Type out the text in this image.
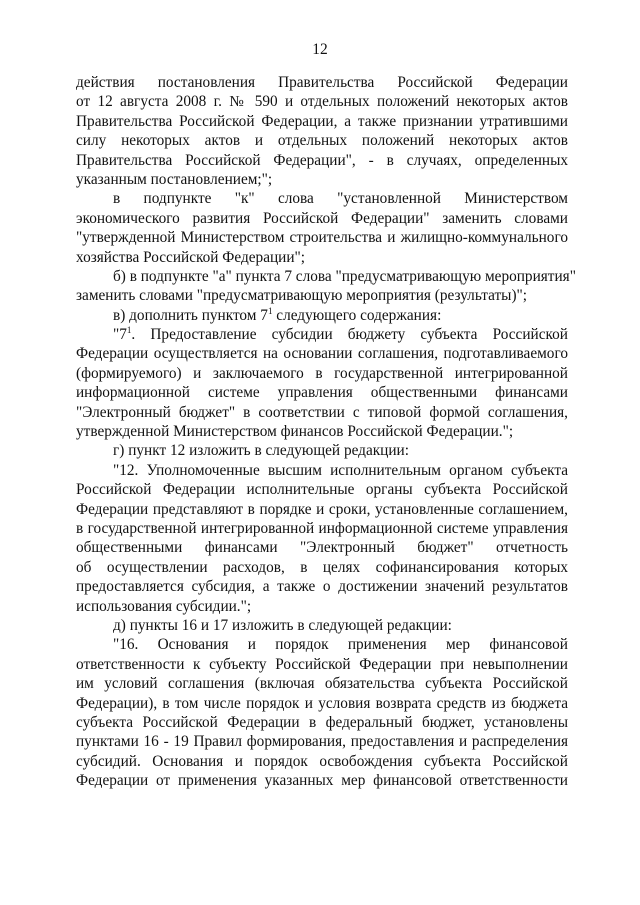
12
действия постановления Правительства Российской Федерации
от 12 августа 2008 г. № 590 и отдельных положений некоторых актов
Правительства Российской Федерации, а также признании утратившими
силу некоторых актов и отдельных положений некоторых актов
Правительства Российской Федерации", - в случаях, определенных
указанным постановлением;";
в подпункте "к" слова "установленной Министерством
экономического развития Российской Федерации" заменить словами
"утвержденной Министерством строительства и жилищно-коммунального
хозяйства Российской Федерации";
б) в подпункте "а" пункта 7 слова "предусматривающую мероприятия"
заменить словами "предусматривающую мероприятия (результаты)";
в) дополнить пунктом $7^1$ следующего содержания:
"$7^1$. Предоставление субсидии бюджету субъекта Российской
Федерации осуществляется на основании соглашения, подготавливаемого
(формируемого) и заключаемого в государственной интегрированной
информационной системе управления общественными финансами
"Электронный бюджет" в соответствии с типовой формой соглашения,
утвержденной Министерством финансов Российской Федерации.";
г) пункт 12 изложить в следующей редакции:
"12. Уполномоченные высшим исполнительным органом субъекта
Российской Федерации исполнительные органы субъекта Российской
Федерации представляют в порядке и сроки, установленные соглашением,
в государственной интегрированной информационной системе управления
общественными финансами "Электронный бюджет" отчетность
об осуществлении расходов, в целях софинансирования которых
предоставляется субсидия, а также о достижении значений результатов
использования субсидии.";
д) пункты 16 и 17 изложить в следующей редакции:
"16. Основания и порядок применения мер финансовой
ответственности к субъекту Российской Федерации при невыполнении
им условий соглашения (включая обязательства субъекта Российской
Федерации), в том числе порядок и условия возврата средств из бюджета
субъекта Российской Федерации в федеральный бюджет, установлены
пунктами 16 - 19 Правил формирования, предоставления и распределения
субсидий. Основания и порядок освобождения субъекта Российской
Федерации от применения указанных мер финансовой ответственности
